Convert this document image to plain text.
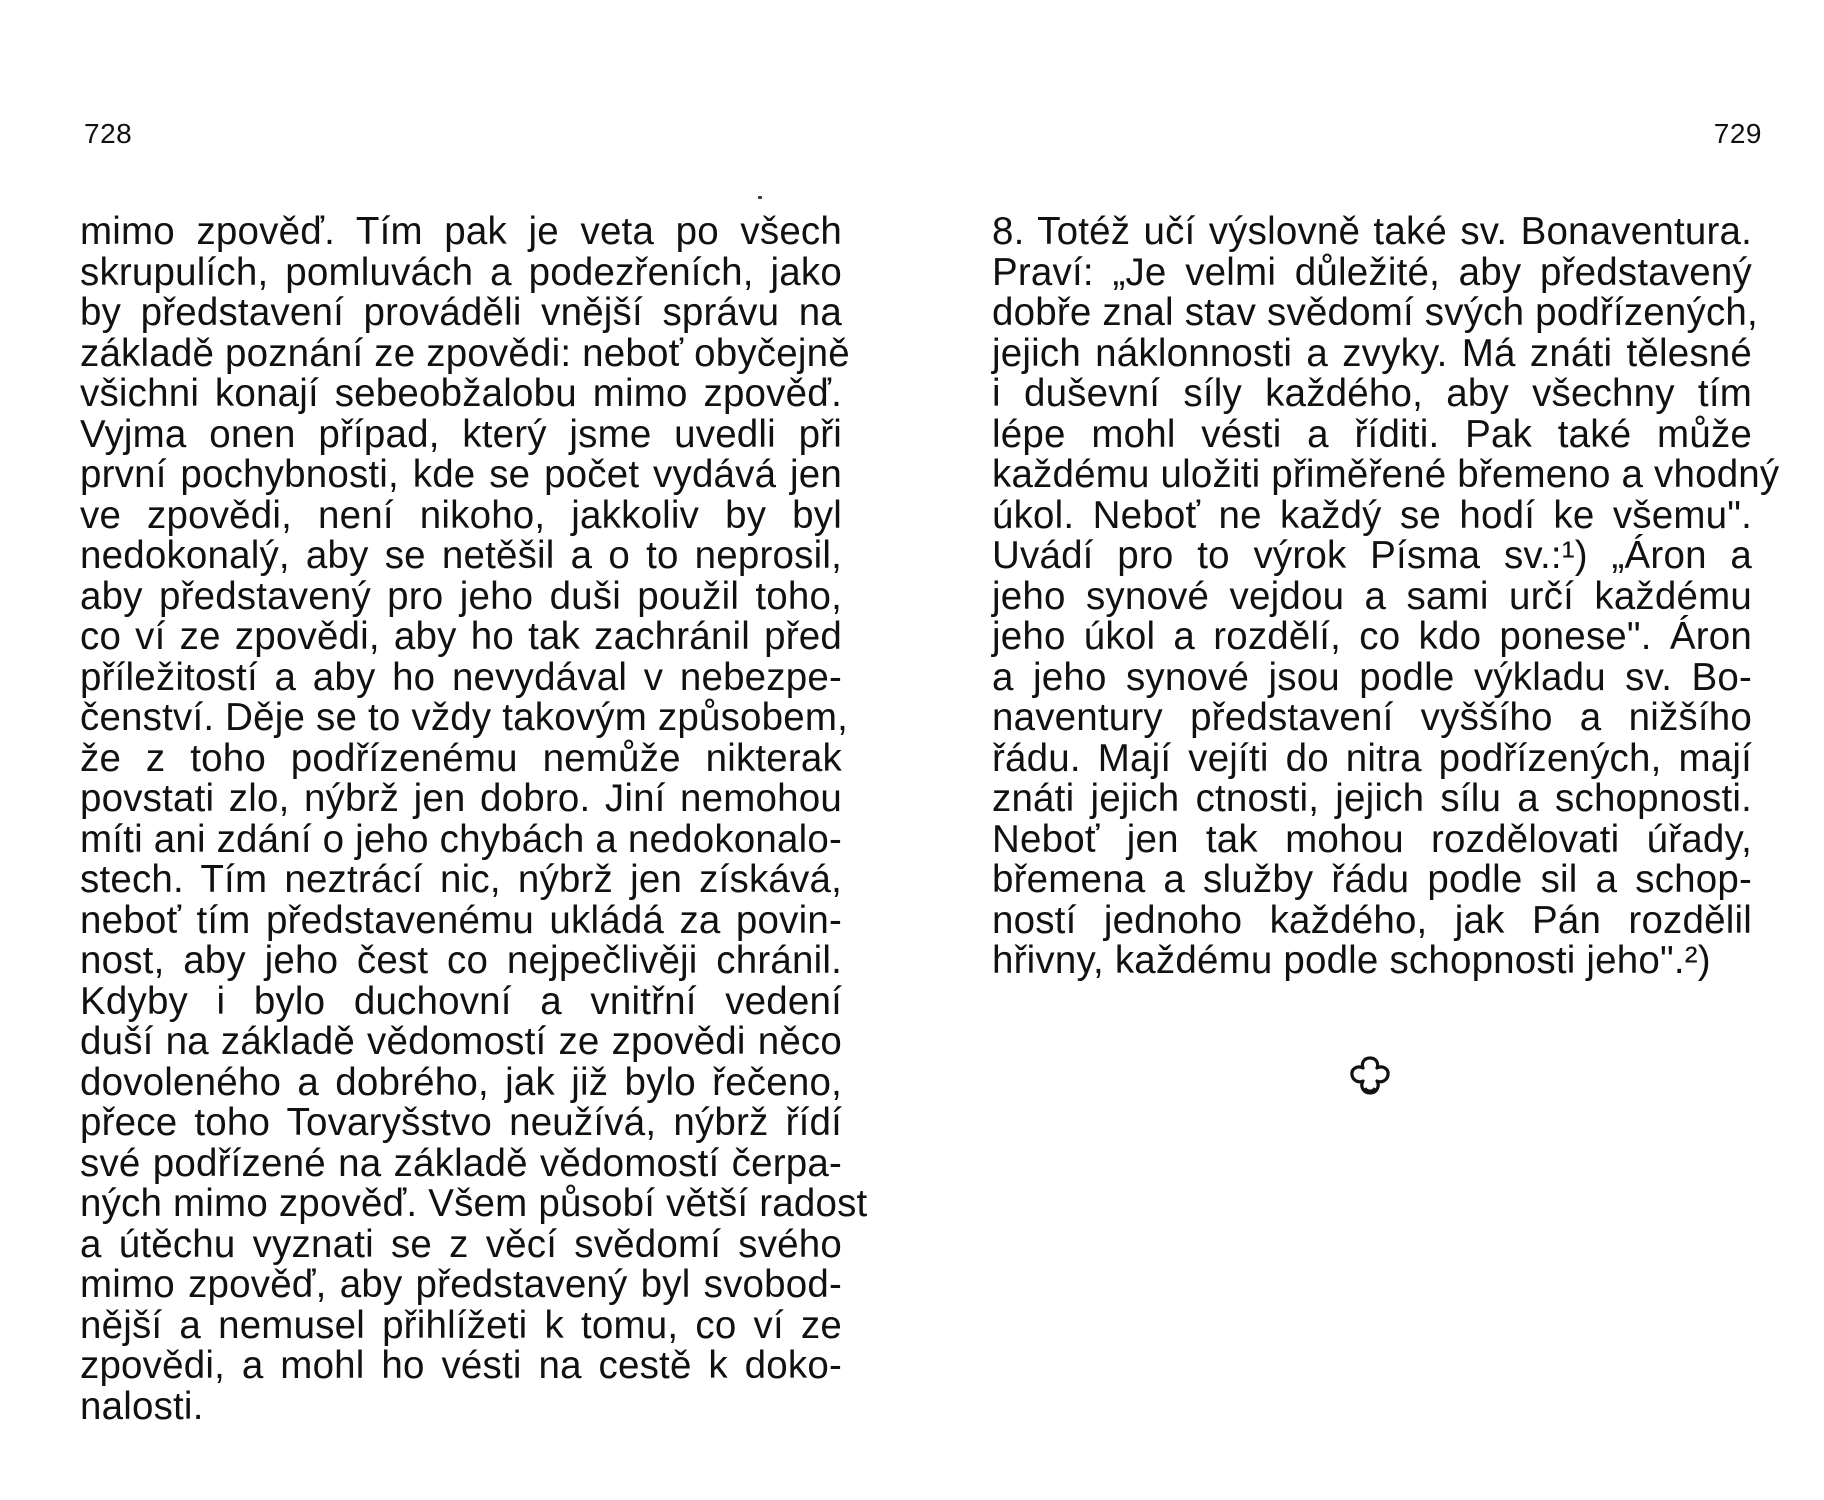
728
mimo zpověď. Tím pak je veta po všech
skrupulích, pomluvách a podezřeních, jako
by představení prováděli vnější správu na
základě poznání ze zpovědi: neboť obyčejně
všichni konají sebeobžalobu mimo zpověď.
Vyjma onen případ, který jsme uvedli při
první pochybnosti, kde se počet vydává jen
ve zpovědi, není nikoho, jakkoliv by byl
nedokonalý, aby se netěšil a o to neprosil,
aby představený pro jeho duši použil toho,
co ví ze zpovědi, aby ho tak zachránil před
příležitostí a aby ho nevydával v nebezpe-
čenství. Děje se to vždy takovým způsobem,
že z toho podřízenému nemůže nikterak
povstati zlo, nýbrž jen dobro. Jiní nemohou
míti ani zdání o jeho chybách a nedokonalo-
stech. Tím neztrácí nic, nýbrž jen získává,
neboť tím představenému ukládá za povin-
nost, aby jeho čest co nejpečlivěji chránil.
Kdyby i bylo duchovní a vnitřní vedení
duší na základě vědomostí ze zpovědi něco
dovoleného a dobrého, jak již bylo řečeno,
přece toho Tovaryšstvo neužívá, nýbrž řídí
své podřízené na základě vědomostí čerpa-
ných mimo zpověď. Všem působí větší radost
a útěchu vyznati se z věcí svědomí svého
mimo zpověď, aby představený byl svobod-
nější a nemusel přihlížeti k tomu, co ví ze
zpovědi, a mohl ho vésti na cestě k doko-
nalosti.
729
8. Totéž učí výslovně také sv. Bonaventura.
Praví: „Je velmi důležité, aby představený
dobře znal stav svědomí svých podřízených,
jejich náklonnosti a zvyky. Má znáti tělesné
i duševní síly každého, aby všechny tím
lépe mohl vésti a říditi. Pak také může
každému uložiti přiměřené břemeno a vhodný
úkol. Neboť ne každý se hodí ke všemu".
Uvádí pro to výrok Písma sv.:¹) „Áron a
jeho synové vejdou a sami určí každému
jeho úkol a rozdělí, co kdo ponese". Áron
a jeho synové jsou podle výkladu sv. Bo-
naventury představení vyššího a nižšího
řádu. Mají vejíti do nitra podřízených, mají
znáti jejich ctnosti, jejich sílu a schopnosti.
Neboť jen tak mohou rozdělovati úřady,
břemena a služby řádu podle sil a schop-
ností jednoho každého, jak Pán rozdělil
hřivny, každému podle schopnosti jeho".²)
